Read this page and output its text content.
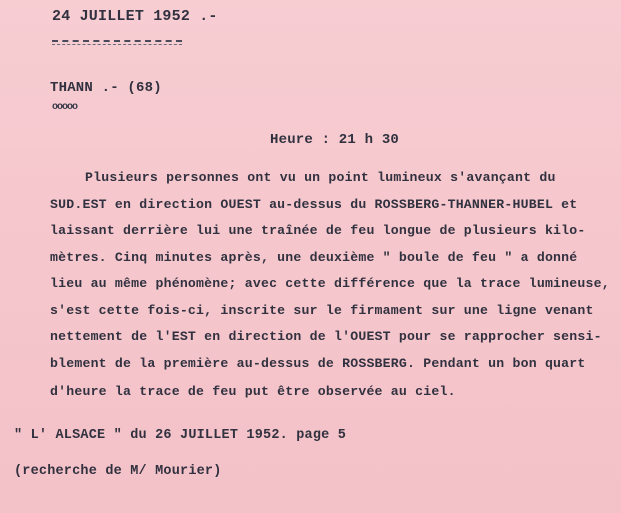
24 JUILLET 1952 .-
THANN .- (68)
ooooo
Heure : 21 h 30
Plusieurs personnes ont vu un point lumineux s'avançant du
SUD.EST en direction OUEST au-dessus du ROSSBERG-THANNER-HUBEL et
laissant derrière lui une traînée de feu longue de plusieurs kilo-
mètres. Cinq minutes après, une deuxième " boule de feu " a donné
lieu au même phénomène; avec cette différence que la trace lumineuse,
s'est cette fois-ci, inscrite sur le firmament sur une ligne venant
nettement de l'EST en direction de l'OUEST pour se rapprocher sensi-
blement de la première au-dessus de ROSSBERG. Pendant un bon quart
d'heure la trace de feu put être observée au ciel.
" L' ALSACE " du 26 JUILLET 1952. page 5
(recherche de M/ Mourier)
